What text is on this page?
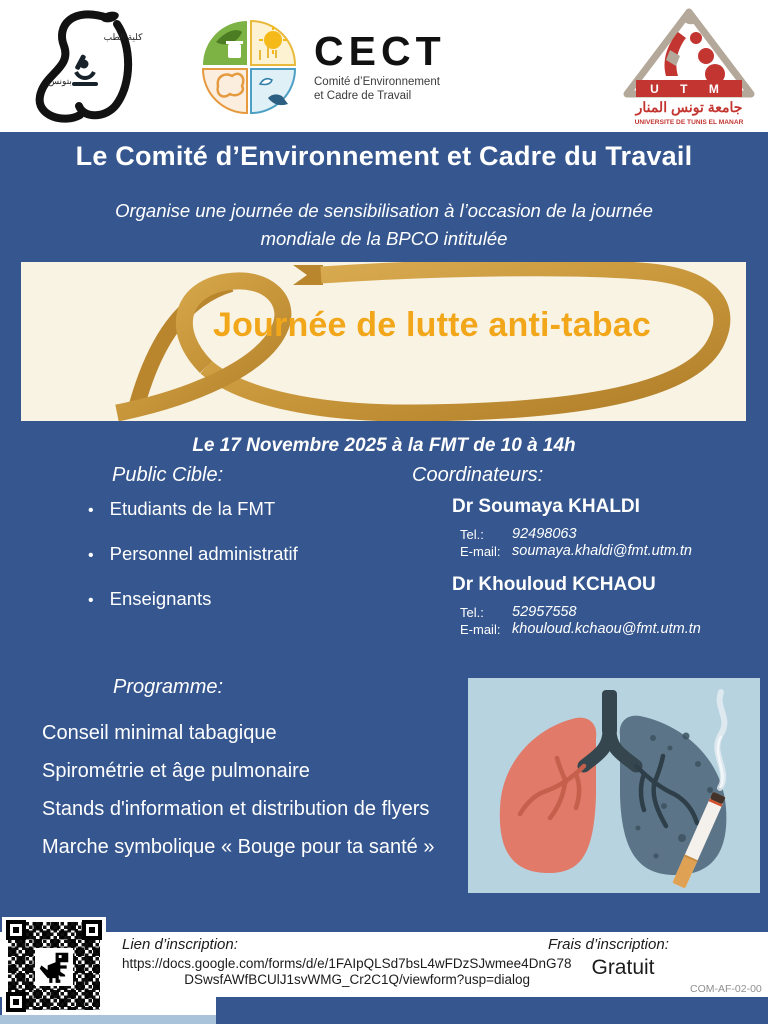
كلية الطب
بتونس
CECT
Comité d’Environnement
et Cadre de Travail	U T M
جامعة تونس المنار
UNIVERSITE DE TUNIS EL MANAR
Le Comité d’Environnement et Cadre du Travail
Organise une journée de sensibilisation à l’occasion de la journée
mondiale de la BPCO intitulée
Journée de lutte anti-tabac
Le 17 Novembre 2025 à la FMT de 10 à 14h
Public Cible:	Coordinateurs:
• Etudiants de la FMT
• Personnel administratif
• Enseignants

Dr Soumaya KHALDI

Tel.:	92498063
E-mail: soumaya.khaldi@fmt.utm.tn

Dr Khouloud KCHAOU

Tel.:	52957558
E-mail: khouloud.kchaou@fmt.utm.tn
Programme:
Conseil minimal tabagique
Spirométrie et âge pulmonaire
Stands d'information et distribution de flyers
Marche symbolique « Bouge pour ta santé »
Lien d’inscription:
https://docs.google.com/forms/d/e/1FAIpQLSd7bsL4wFDzSJwmee4DnG78
DSwsfAWfBCUlJ1svWMG_Cr2C1Q/viewform?usp=dialog
Frais d’inscription:
Gratuit
COM-AF-02-00
